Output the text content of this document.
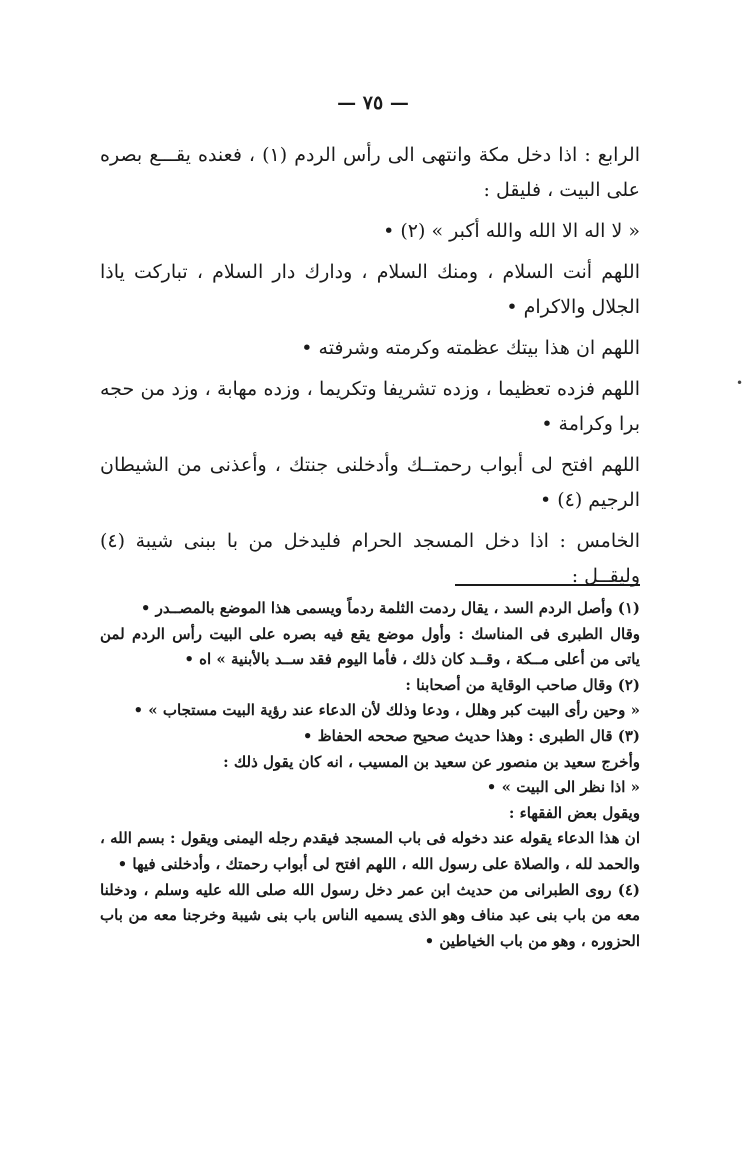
— ٧٥ —

الرابع : اذا دخل مكة وانتهى الى رأس الردم (١) ، فعنده يقـــع بصره على البيت ، فليقل :

« لا اله الا الله والله أكبر » (٢) •

اللهم أنت السلام ، ومنك السلام ، ودارك دار السلام ، تباركت ياذا الجلال والاكرام •

اللهم ان هذا بيتك عظمته وكرمته وشرفته •

اللهم فزده تعظيما ، وزده تشريفا وتكريما ، وزده مهابة ، وزد من حجه برا وكرامة •

اللهم افتح لى أبواب رحمتــك وأدخلنى جنتك ، وأعذنى من الشيطان الرجيم (٤) •

الخامس : اذا دخل المسجد الحرام فليدخل من با ببنى شيبة (٤) وليقــل :

(١) وأصل الردم السد ، يقال ردمت الثلمة ردماً ويسمى هذا الموضع بالمصــدر •

وقال الطبرى فى المناسك : وأول موضع يقع فيه بصره على البيت رأس الردم لمن ياتى من أعلى مــكة ، وقــد كان ذلك ، فأما اليوم فقد ســد بالأبنية » اه •

(٢) وقال صاحب الوقاية من أصحابنا :

« وحين رأى البيت كبر وهلل ، ودعا وذلك لأن الدعاء عند رؤية البيت مستجاب » •

(٣) قال الطبرى : وهذا حديث صحيح صححه الحفاظ •

وأخرج سعيد بن منصور عن سعيد بن المسيب ، انه كان يقول ذلك :

« اذا نظر الى البيت » •

ويقول بعض الفقهاء :

ان هذا الدعاء يقوله عند دخوله فى باب المسجد فيقدم رجله اليمنى ويقول : بسم الله ، والحمد لله ، والصلاة على رسول الله ، اللهم افتح لى أبواب رحمتك ، وأدخلنى فيها •

(٤) روى الطبرانى من حديث ابن عمر دخل رسول الله صلى الله عليه وسلم ، ودخلنا معه من باب بنى عبد مناف وهو الذى يسميه الناس باب بنى شيبة وخرجنا معه من باب الحزوره ، وهو من باب الخياطين •

•
